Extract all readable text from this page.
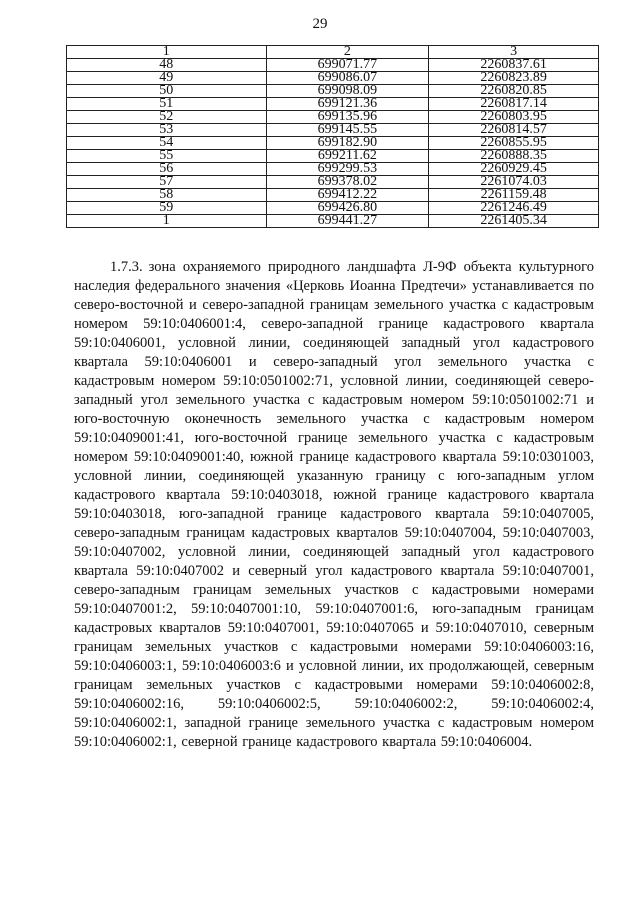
29
1	2	3
48	699071.77	2260837.61
49	699086.07	2260823.89
50	699098.09	2260820.85
51	699121.36	2260817.14
52	699135.96	2260803.95
53	699145.55	2260814.57
54	699182.90	2260855.95
55	699211.62	2260888.35
56	699299.53	2260929.45
57	699378.02	2261074.03
58	699412.22	2261159.48
59	699426.80	2261246.49
1	699441.27	2261405.34
1.7.3. зона охраняемого природного ландшафта Л-9Ф объекта культурного наследия федерального значения «Церковь Иоанна Предтечи» устанавливается по северо-восточной и северо-западной границам земельного участка с кадастровым номером 59:10:0406001:4, северо-западной границе кадастрового квартала 59:10:0406001, условной линии, соединяющей западный угол кадастрового квартала 59:10:0406001 и северо-западный угол земельного участка с кадастровым номером 59:10:0501002:71, условной линии, соединяющей северо-западный угол земельного участка с кадастровым номером 59:10:0501002:71 и юго-восточную оконечность земельного участка с кадастровым номером 59:10:0409001:41, юго-восточной границе земельного участка с кадастровым номером 59:10:0409001:40, южной границе кадастрового квартала 59:10:0301003, условной линии, соединяющей указанную границу с юго-западным углом кадастрового квартала 59:10:0403018, южной границе кадастрового квартала 59:10:0403018, юго-западной границе кадастрового квартала 59:10:0407005, северо-западным границам кадастровых кварталов 59:10:0407004, 59:10:0407003, 59:10:0407002, условной линии, соединяющей западный угол кадастрового квартала 59:10:0407002 и северный угол кадастрового квартала 59:10:0407001, северо-западным границам земельных участков с кадастровыми номерами 59:10:0407001:2, 59:10:0407001:10, 59:10:0407001:6, юго-западным границам кадастровых кварталов 59:10:0407001, 59:10:0407065 и 59:10:0407010, северным границам земельных участков с кадастровыми номерами 59:10:0406003:16, 59:10:0406003:1, 59:10:0406003:6 и условной линии, их продолжающей, северным границам земельных участков с кадастровыми номерами 59:10:0406002:8, 59:10:0406002:16, 59:10:0406002:5, 59:10:0406002:2, 59:10:0406002:4, 59:10:0406002:1, западной границе земельного участка с кадастровым номером 59:10:0406002:1, северной границе кадастрового квартала 59:10:0406004.
